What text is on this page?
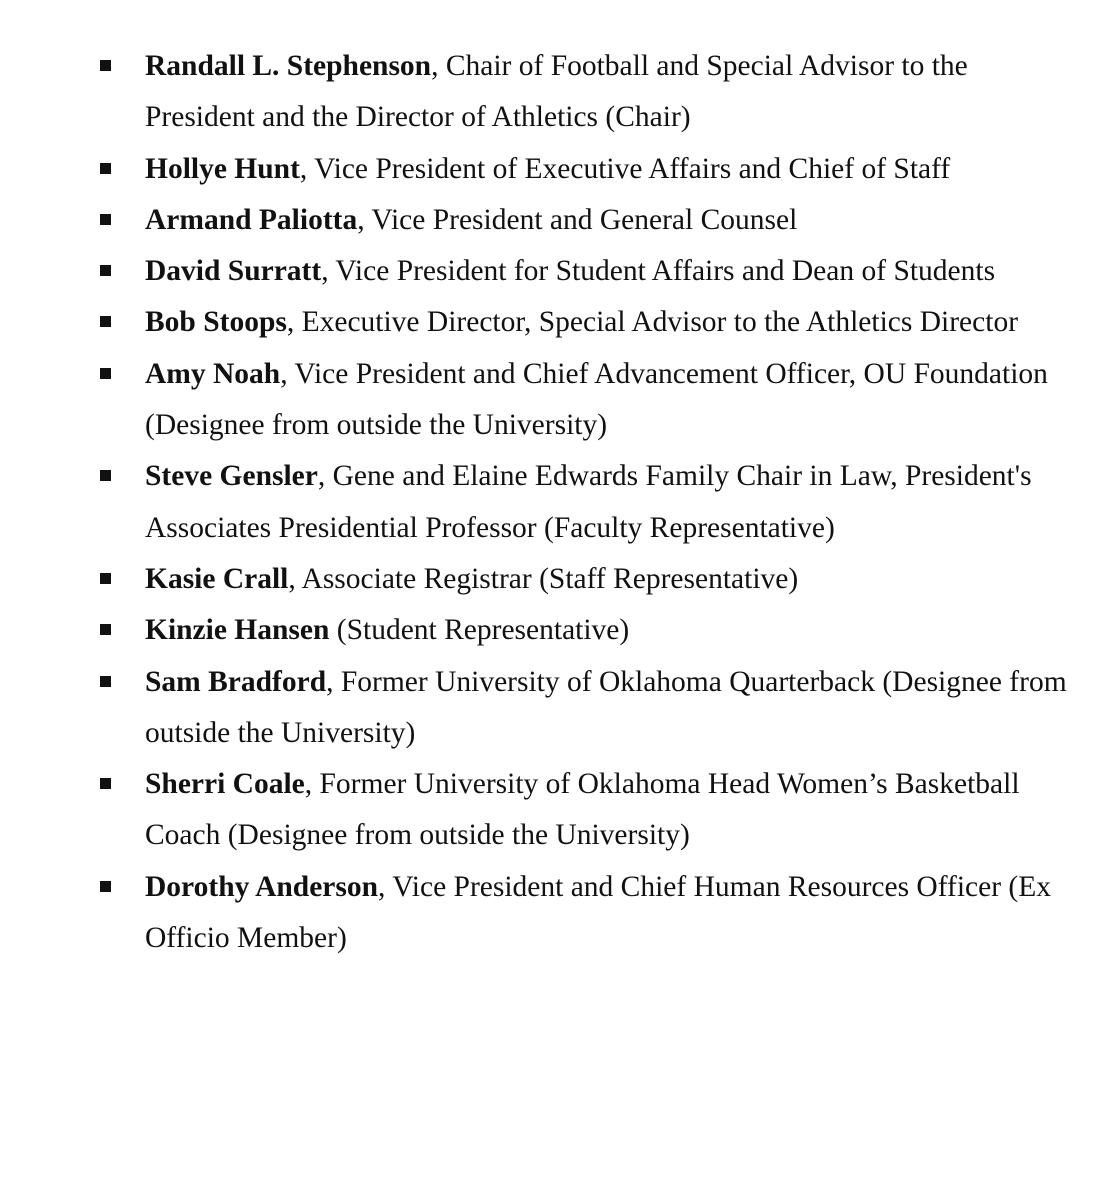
Randall L. Stephenson, Chair of Football and Special Advisor to the President and the Director of Athletics (Chair)
Hollye Hunt, Vice President of Executive Affairs and Chief of Staff
Armand Paliotta, Vice President and General Counsel
David Surratt, Vice President for Student Affairs and Dean of Students
Bob Stoops, Executive Director, Special Advisor to the Athletics Director
Amy Noah, Vice President and Chief Advancement Officer, OU Foundation (Designee from outside the University)
Steve Gensler, Gene and Elaine Edwards Family Chair in Law, President's Associates Presidential Professor (Faculty Representative)
Kasie Crall, Associate Registrar (Staff Representative)
Kinzie Hansen (Student Representative)
Sam Bradford, Former University of Oklahoma Quarterback (Designee from outside the University)
Sherri Coale, Former University of Oklahoma Head Women’s Basketball Coach (Designee from outside the University)
Dorothy Anderson, Vice President and Chief Human Resources Officer (Ex Officio Member)
